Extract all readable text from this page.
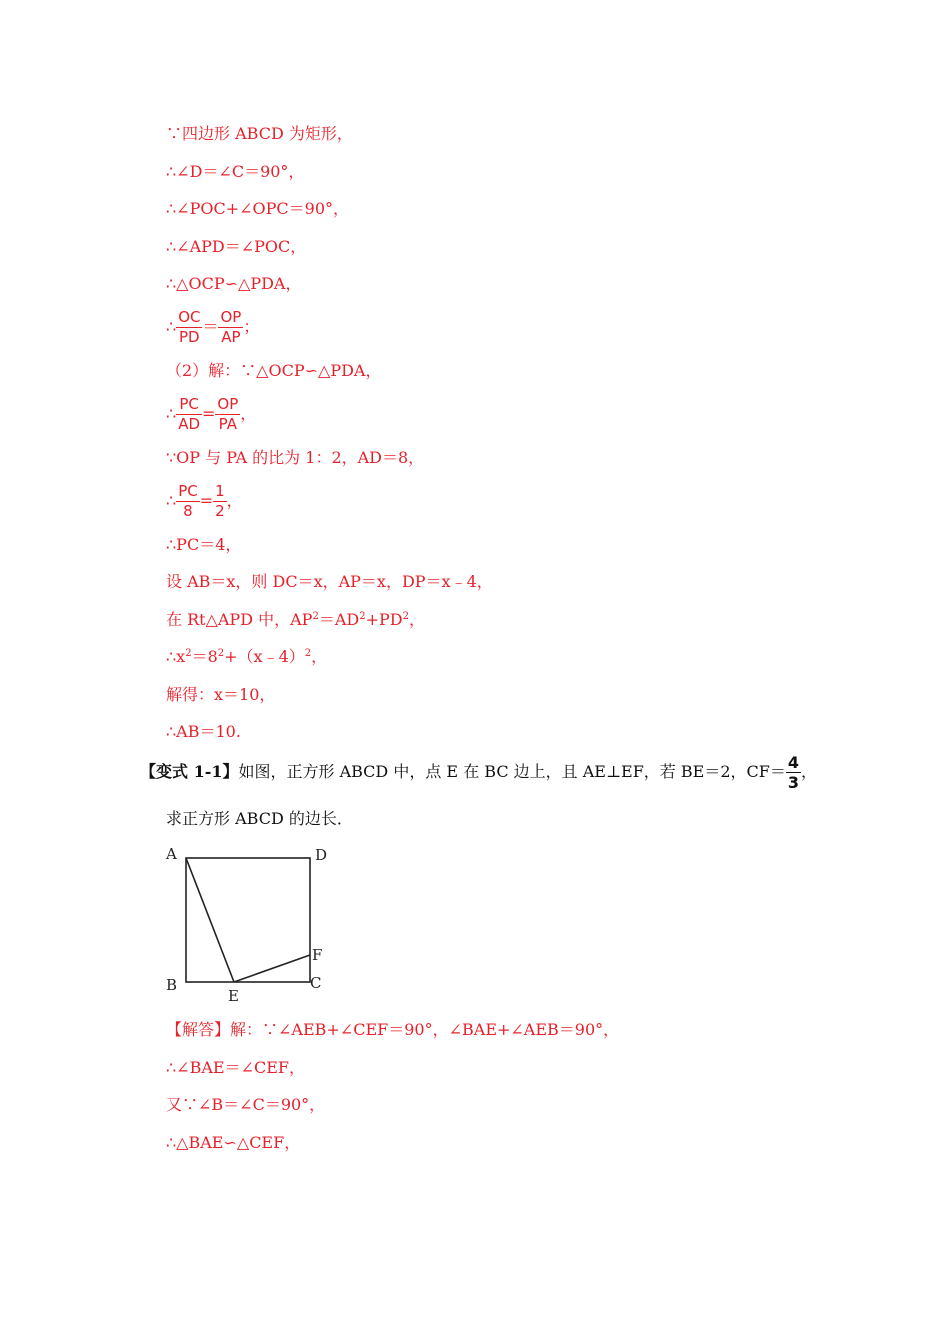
∵四边形 ABCD 为矩形，
∴∠D＝∠C＝90°，
∴∠POC+∠OPC＝90°，
∴∠APD＝∠POC，
∴△OCP∽△PDA，
∴ $\frac{OC}{PD} = \frac{OP}{AP}$ ；
（2）解：∵△OCP∽△PDA，
∴ $\frac{PC}{AD} = \frac{OP}{PA}$ ，
∵OP 与 PA 的比为 1：2，AD＝8，
∴ $\frac{PC}{8} = \frac{1}{2}$ ，
∴PC＝4，
设 AB＝x，则 DC＝x，AP＝x，DP＝x﹣4，
在 Rt△APD 中，$AP^2=AD^2+PD^2$，
$\therefore x^2=8^2+(x﹣4)^2$，
解得：x＝10，
∴AB＝10.
【变式 1-1】如图，正方形 ABCD 中，点 E 在 BC 边上，且 AE⊥EF，若 BE＝2，$CF= \frac{4}{3}$ ，
求正方形 ABCD 的边长．
A	D
B	C
E
F
【解答】解：∵∠AEB+∠CEF＝90°，∠BAE+∠AEB＝90°，
∴∠BAE＝∠CEF，
又∵∠B＝∠C＝90°，
∴△BAE∽△CEF，
